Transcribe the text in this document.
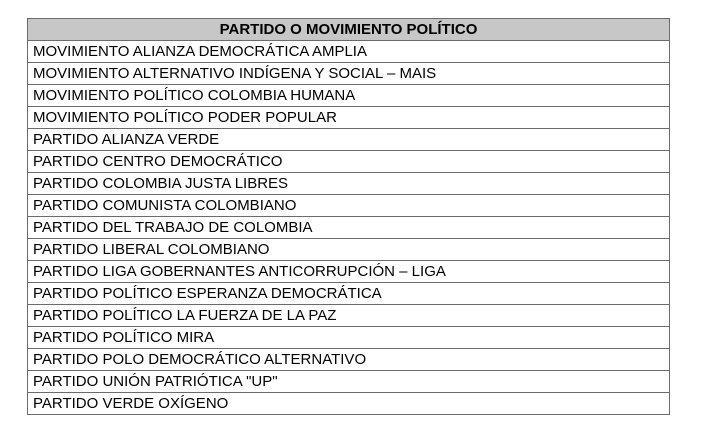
PARTIDO O MOVIMIENTO POLÍTICO
MOVIMIENTO ALIANZA DEMOCRÁTICA AMPLIA
MOVIMIENTO ALTERNATIVO INDÍGENA Y SOCIAL – MAIS
MOVIMIENTO POLÍTICO COLOMBIA HUMANA
MOVIMIENTO POLÍTICO PODER POPULAR
PARTIDO ALIANZA VERDE
PARTIDO CENTRO DEMOCRÁTICO
PARTIDO COLOMBIA JUSTA LIBRES
PARTIDO COMUNISTA COLOMBIANO
PARTIDO DEL TRABAJO DE COLOMBIA
PARTIDO LIBERAL COLOMBIANO
PARTIDO LIGA GOBERNANTES ANTICORRUPCIÓN – LIGA
PARTIDO POLÍTICO ESPERANZA DEMOCRÁTICA
PARTIDO POLÍTICO LA FUERZA DE LA PAZ
PARTIDO POLÍTICO MIRA
PARTIDO POLO DEMOCRÁTICO ALTERNATIVO
PARTIDO UNIÓN PATRIÓTICA "UP"
PARTIDO VERDE OXÍGENO
